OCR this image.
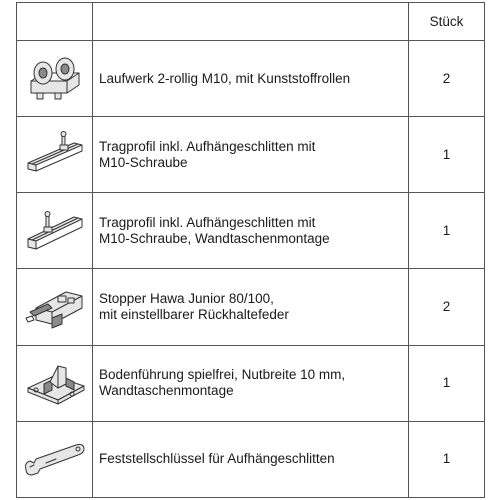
		Stück

Laufwerk 2-rollig M10, mit Kunststoffrollen	2

Tragprofil inkl. Aufhängeschlitten mit
M10-Schraube	1

Tragprofil inkl. Aufhängeschlitten mit
M10-Schraube, Wandtaschenmontage	1

Stopper Hawa Junior 80/100,
mit einstellbarer Rückhaltefeder	2

Bodenführung spielfrei, Nutbreite 10 mm,
Wandtaschenmontage	1

Feststellschlüssel für Aufhängeschlitten	1
